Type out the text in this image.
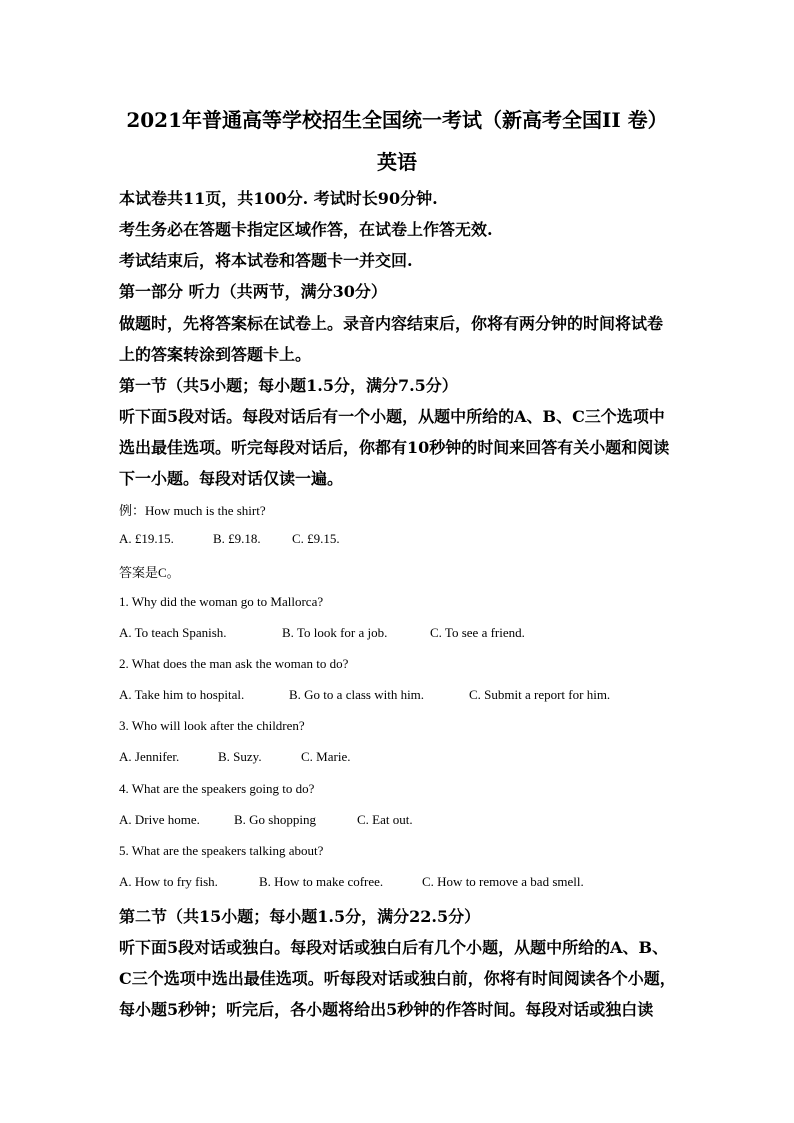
2021年普通高等学校招生全国统一考试（新高考全国II 卷）
英语
本试卷共11页，共100分. 考试时长90分钟.
考生务必在答题卡指定区域作答，在试卷上作答无效.
考试结束后，将本试卷和答题卡一并交回.
第一部分 听力（共两节，满分30分）
做题时，先将答案标在试卷上。录音内容结束后，你将有两分钟的时间将试卷
上的答案转涂到答题卡上。
第一节（共5小题；每小题1.5分，满分7.5分）
听下面5段对话。每段对话后有一个小题，从题中所给的A、B、C三个选项中
选出最佳选项。听完每段对话后，你都有10秒钟的时间来回答有关小题和阅读
下一小题。每段对话仅读一遍。
例：How much is the shirt?
A. £19.15.	B. £9.18. C. £9.15.
答案是C。
1. Why did the woman go to Mallorca?
A. To teach Spanish.	B. To look for a job.	C. To see a friend.
2. What does the man ask the woman to do?
A. Take him to hospital.	B. Go to a class with him.	C. Submit a report for him.
3. Who will look after the children?
A. Jennifer.	B. Suzy.	C. Marie.
4. What are the speakers going to do?
A. Drive home.	B. Go shopping	C. Eat out.
5. What are the speakers talking about?
A. How to fry fish.	B. How to make cofree.	C. How to remove a bad smell.
第二节（共15小题；每小题1.5分，满分22.5分）
听下面5段对话或独白。每段对话或独白后有几个小题，从题中所给的A、B、
C三个选项中选出最佳选项。听每段对话或独白前，你将有时间阅读各个小题，
每小题5秒钟；听完后，各小题将给出5秒钟的作答时间。每段对话或独白读
